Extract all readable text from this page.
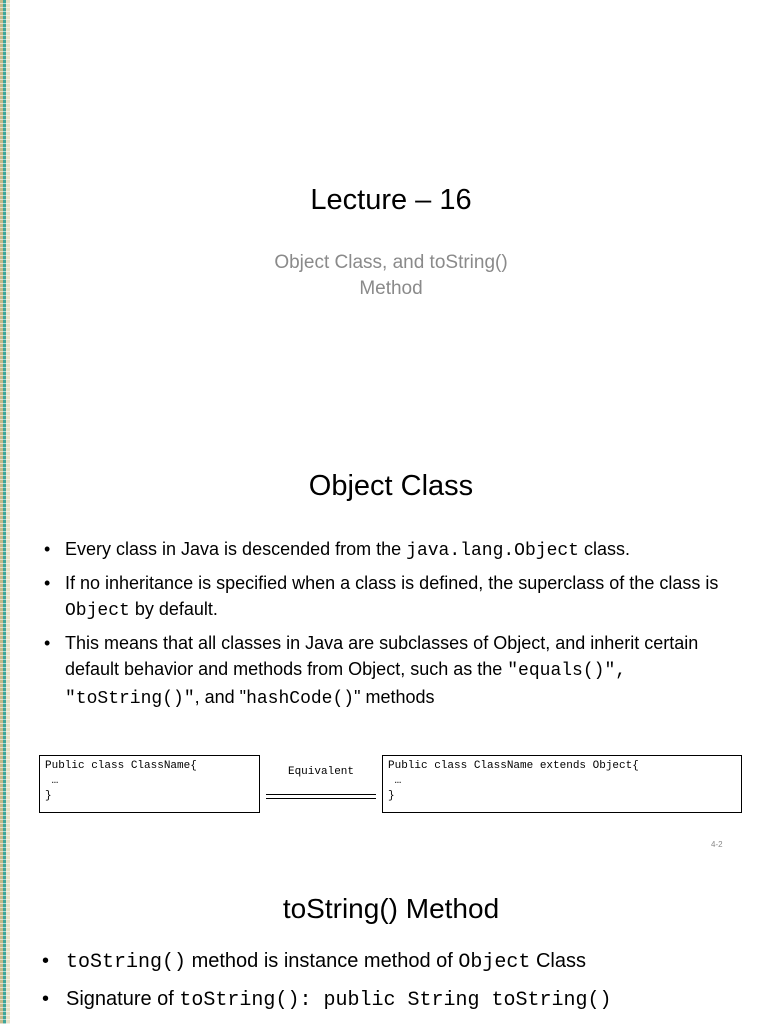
Lecture – 16
Object Class, and toString()
Method
Object Class
• Every class in Java is descended from the java.lang.Object class.
• If no inheritance is specified when a class is defined, the superclass of the class is Object by default.
• This means that all classes in Java are subclasses of Object, and inherit certain default behavior and methods from Object, such as the "equals()", "toString()", and "hashCode()" methods
Public class ClassName{
…
}
Equivalent	Public class ClassName extends Object{
…
}
4-2
toString() Method
• toString() method is instance method of Object Class
• Signature of toString(): public String toString()
